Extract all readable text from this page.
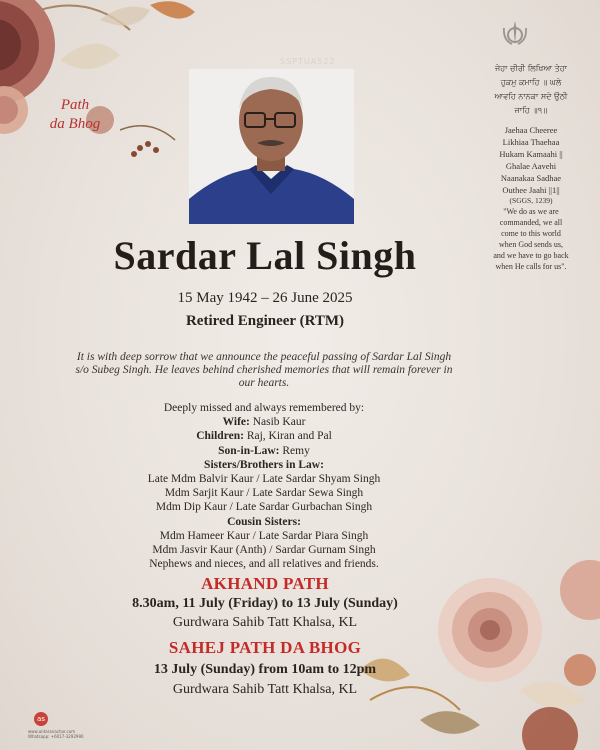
SSPTUA522
Path
da Bhog
ਜੇਹਾ ਚੀਰੀ ਲਿਖਿਆ ਤੇਹਾ
ਹੁਕਮੁ ਕਮਾਹਿ ॥ ਘਲੇ
ਆਵਹਿ ਨਾਨਕਾ ਸਦੇ ਉਠੀ
ਜਾਹਿ ॥੧॥
Jaehaa Cheeree
Likhiaa Thaehaa
Hukam Kamaahi ||
Ghalae Aavehi
Naanakaa Sadhae
Outhee Jaahi ||1||
(SGGS, 1239)
"We do as we are
commanded, we all
come to this world
when God sends us,
and we have to go back
when He calls for us".
Sardar Lal Singh
15 May 1942 – 26 June 2025
Retired Engineer (RTM)
It is with deep sorrow that we announce the peaceful passing of Sardar Lal Singh
s/o Subeg Singh. He leaves behind cherished memories that will remain forever in
our hearts.
Deeply missed and always remembered by:
Wife: Nasib Kaur
Children: Raj, Kiran and Pal
Son-in-Law: Remy
Sisters/Brothers in Law:
Late Mdm Balvir Kaur / Late Sardar Shyam Singh
Mdm Sarjit Kaur / Late Sardar Sewa Singh
Mdm Dip Kaur / Late Sardar Gurbachan Singh
Cousin Sisters:
Mdm Hameer Kaur / Late Sardar Piara Singh
Mdm Jasvir Kaur (Anth) / Sardar Gurnam Singh
Nephews and nieces, and all relatives and friends.
AKHAND PATH
8.30am, 11 July (Friday) to 13 July (Sunday)
Gurdwara Sahib Tatt Khalsa, KL
SAHEJ PATH DA BHOG
13 July (Sunday) from 10am to 12pm
Gurdwara Sahib Tatt Khalsa, KL
as
www.antaranachar.com
Whatsapp: +6017-3292990
